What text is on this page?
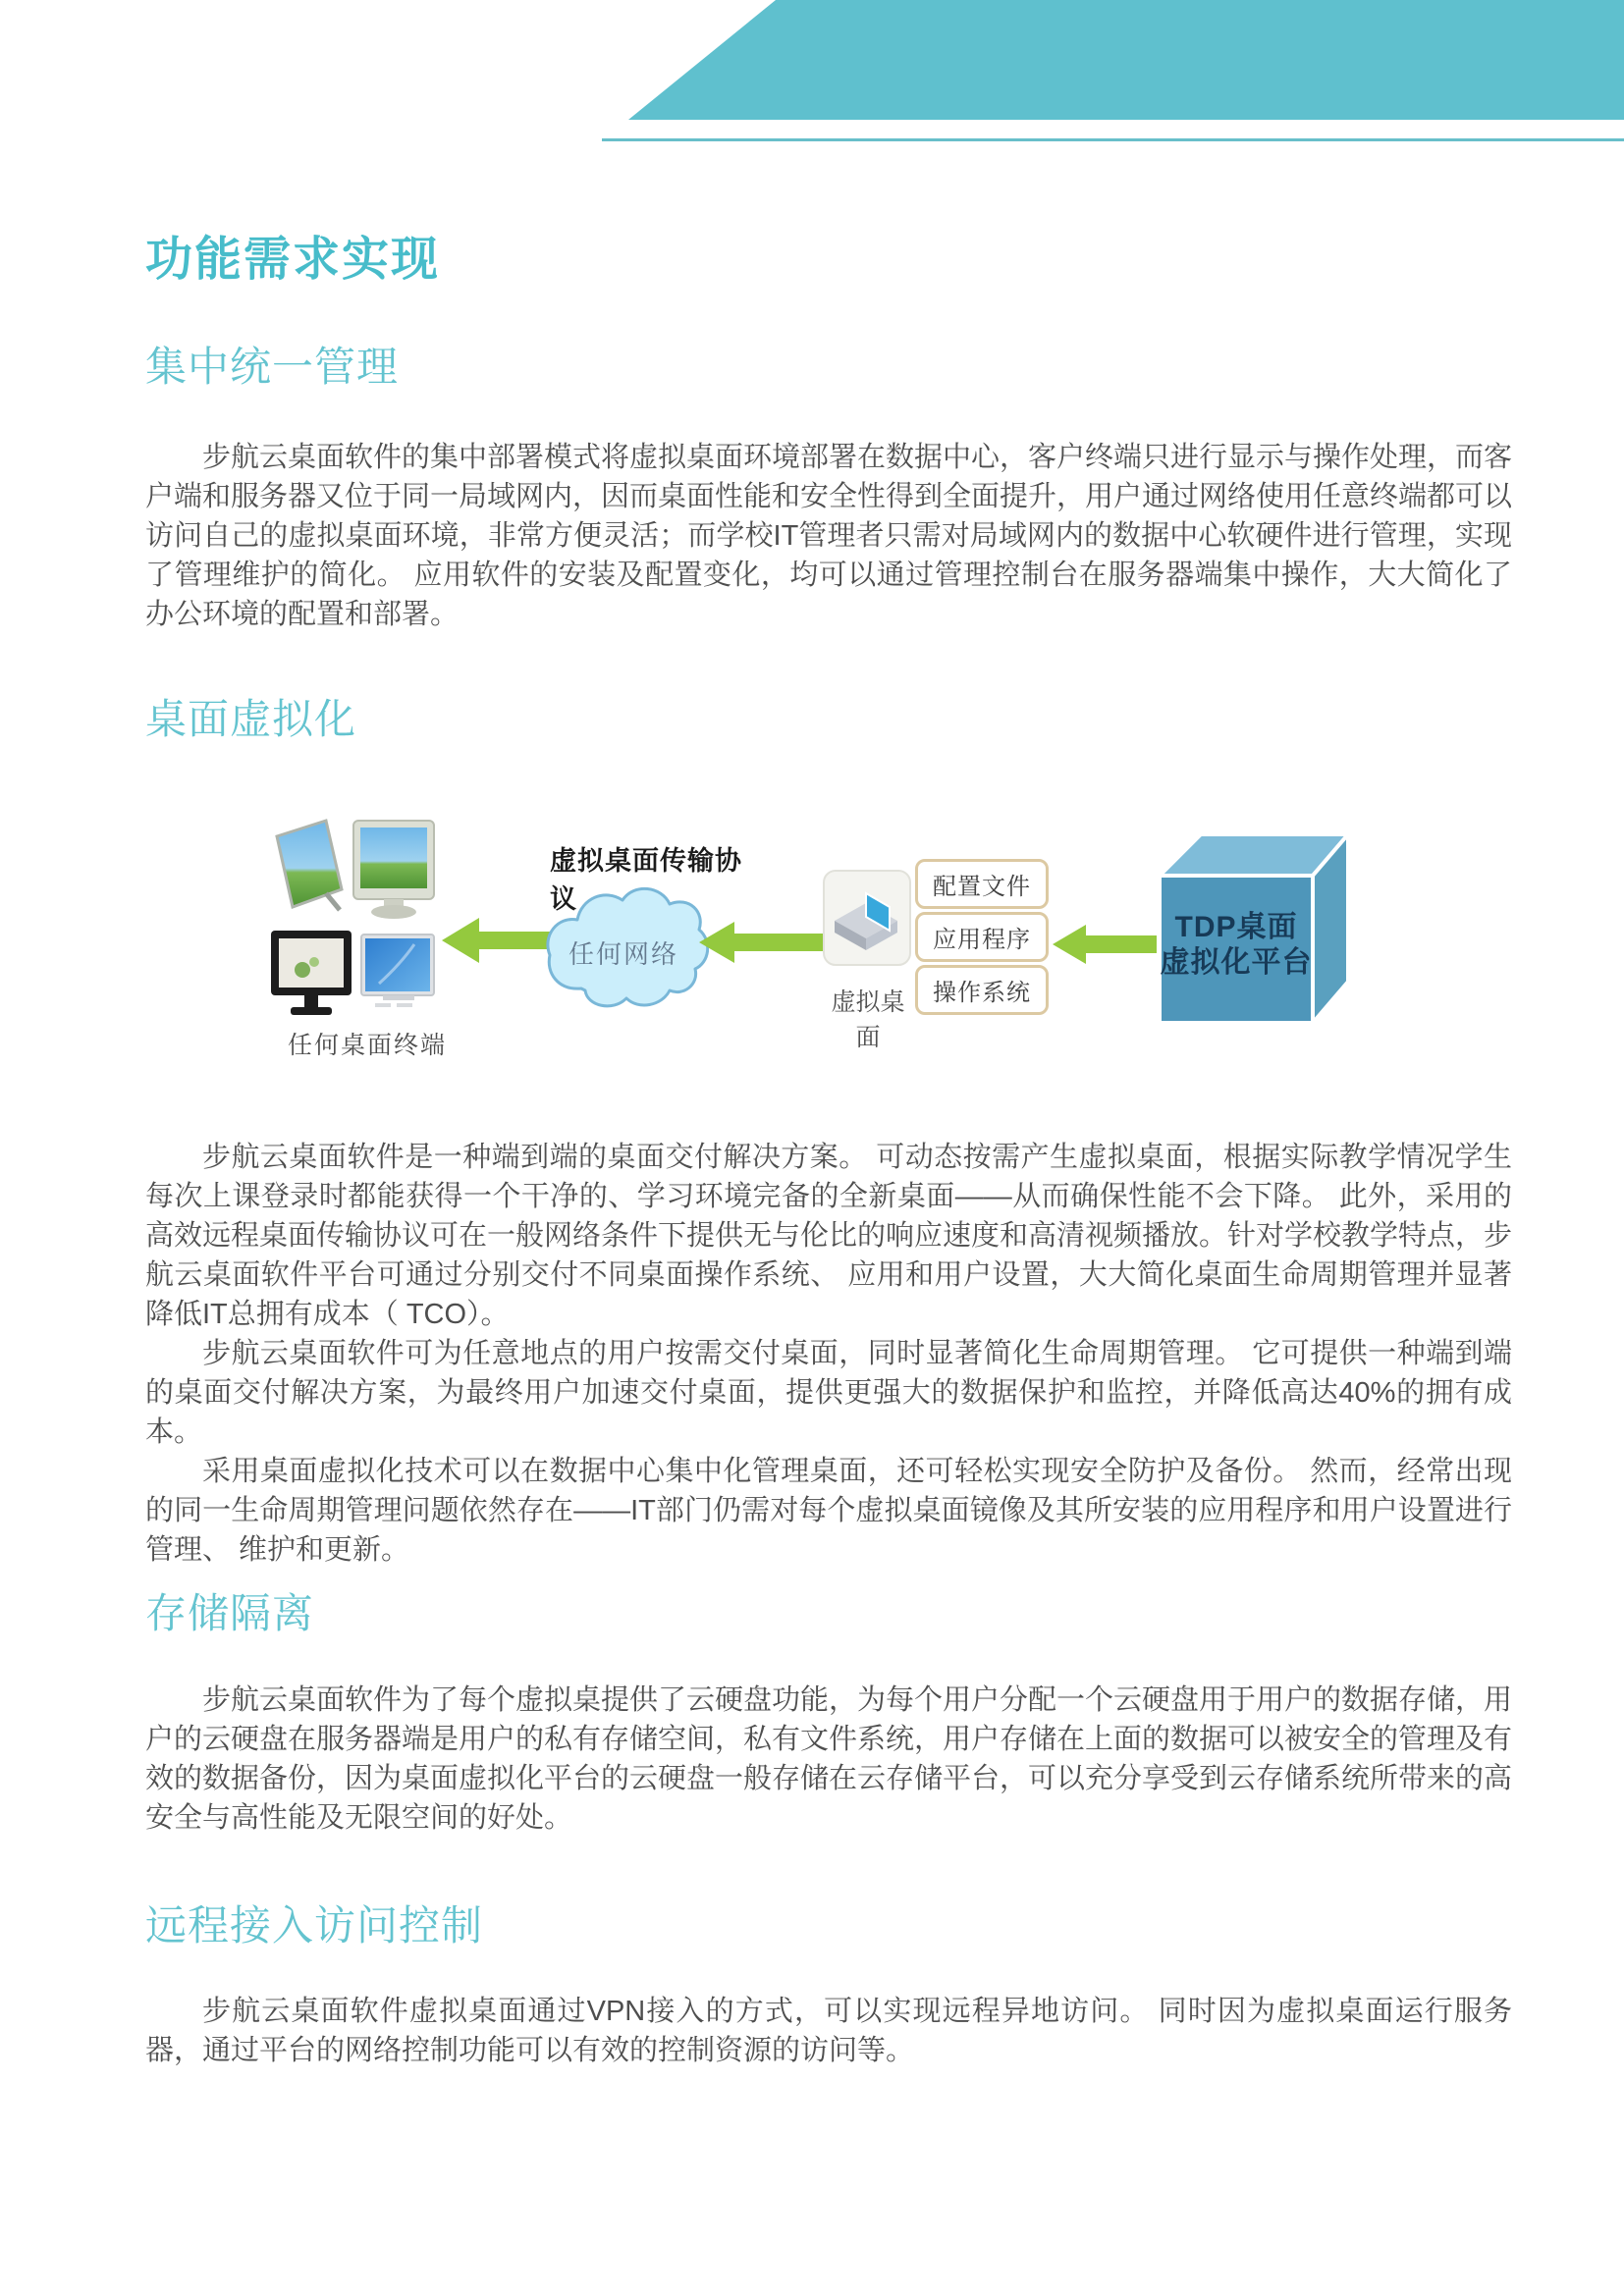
功能需求实现
集中统一管理

步航云桌面软件的集中部署模式将虚拟桌面环境部署在数据中心，客户终端只进行显示与操作处理，而客户端和服务器又位于同一局域网内，因而桌面性能和安全性得到全面提升，用户通过网络使用任意终端都可以访问自己的虚拟桌面环境，非常方便灵活；而学校IT管理者只需对局域网内的数据中心软硬件进行管理，实现了管理维护的简化。 应用软件的安装及配置变化，均可以通过管理控制台在服务器端集中操作，大大简化了办公环境的配置和部署。

桌面虚拟化
任何桌面终端
虚拟桌面传输协议
任何网络
虚拟桌面
配置文件
应用程序
操作系统
TDP桌面
虚拟化平台

步航云桌面软件是一种端到端的桌面交付解决方案。 可动态按需产生虚拟桌面，根据实际教学情况学生每次上课登录时都能获得一个干净的、学习环境完备的全新桌面——从而确保性能不会下降。 此外，采用的高效远程桌面传输协议可在一般网络条件下提供无与伦比的响应速度和高清视频播放。针对学校教学特点，步航云桌面软件平台可通过分别交付不同桌面操作系统、 应用和用户设置，大大简化桌面生命周期管理并显著降低IT总拥有成本（ TCO）。

步航云桌面软件可为任意地点的用户按需交付桌面，同时显著简化生命周期管理。 它可提供一种端到端的桌面交付解决方案，为最终用户加速交付桌面，提供更强大的数据保护和监控，并降低高达40%的拥有成本。

采用桌面虚拟化技术可以在数据中心集中化管理桌面，还可轻松实现安全防护及备份。 然而，经常出现的同一生命周期管理问题依然存在——IT部门仍需对每个虚拟桌面镜像及其所安装的应用程序和用户设置进行管理、 维护和更新。

存储隔离

步航云桌面软件为了每个虚拟桌提供了云硬盘功能，为每个用户分配一个云硬盘用于用户的数据存储，用户的云硬盘在服务器端是用户的私有存储空间，私有文件系统，用户存储在上面的数据可以被安全的管理及有效的数据备份，因为桌面虚拟化平台的云硬盘一般存储在云存储平台，可以充分享受到云存储系统所带来的高安全与高性能及无限空间的好处。

远程接入访问控制

步航云桌面软件虚拟桌面通过VPN接入的方式，可以实现远程异地访问。 同时因为虚拟桌面运行服务器，通过平台的网络控制功能可以有效的控制资源的访问等。
